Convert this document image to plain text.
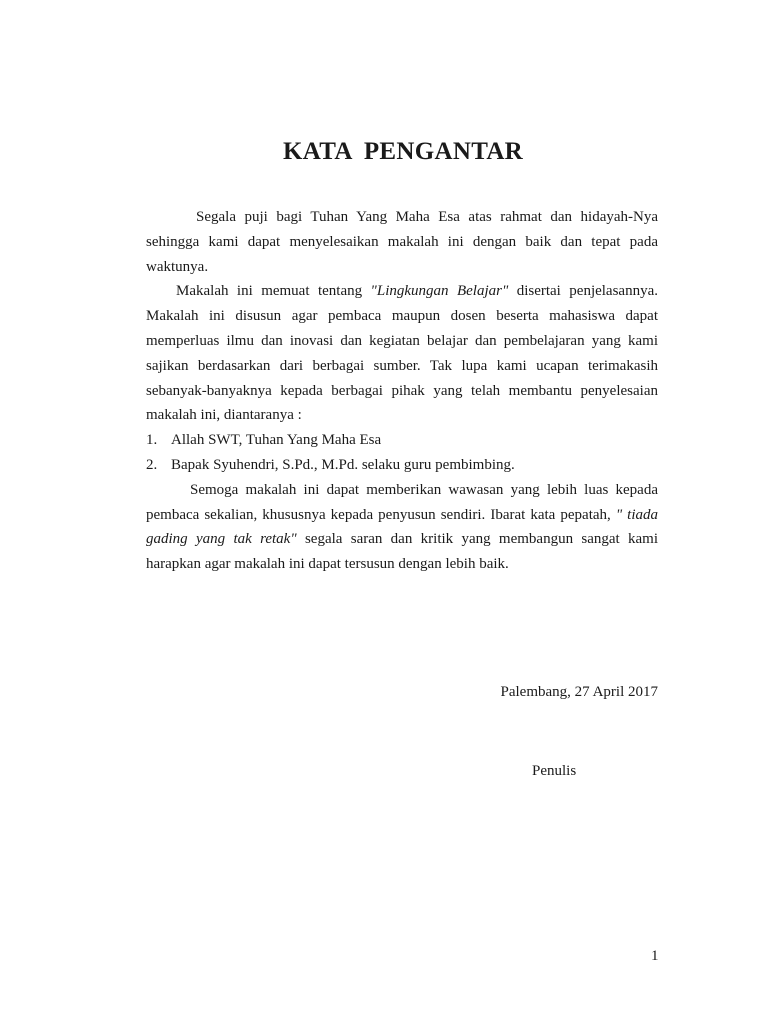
KATA PENGANTAR

Segala puji bagi Tuhan Yang Maha Esa atas rahmat dan hidayah-Nya sehingga kami dapat menyelesaikan makalah ini dengan baik dan tepat pada waktunya.

Makalah ini memuat tentang "Lingkungan Belajar" disertai penjelasannya. Makalah ini disusun agar pembaca maupun dosen beserta mahasiswa dapat memperluas ilmu dan inovasi dan kegiatan belajar dan pembelajaran yang kami sajikan berdasarkan dari berbagai sumber. Tak lupa kami ucapan terimakasih sebanyak-banyaknya kepada berbagai pihak yang telah membantu penyelesaian makalah ini, diantaranya :

1. Allah SWT, Tuhan Yang Maha Esa
2. Bapak Syuhendri, S.Pd., M.Pd. selaku guru pembimbing.

Semoga makalah ini dapat memberikan wawasan yang lebih luas kepada pembaca sekalian, khususnya kepada penyusun sendiri. Ibarat kata pepatah, " tiada gading yang tak retak" segala saran dan kritik yang membangun sangat kami harapkan agar makalah ini dapat tersusun dengan lebih baik.

Palembang, 27 April 2017
Penulis
1
